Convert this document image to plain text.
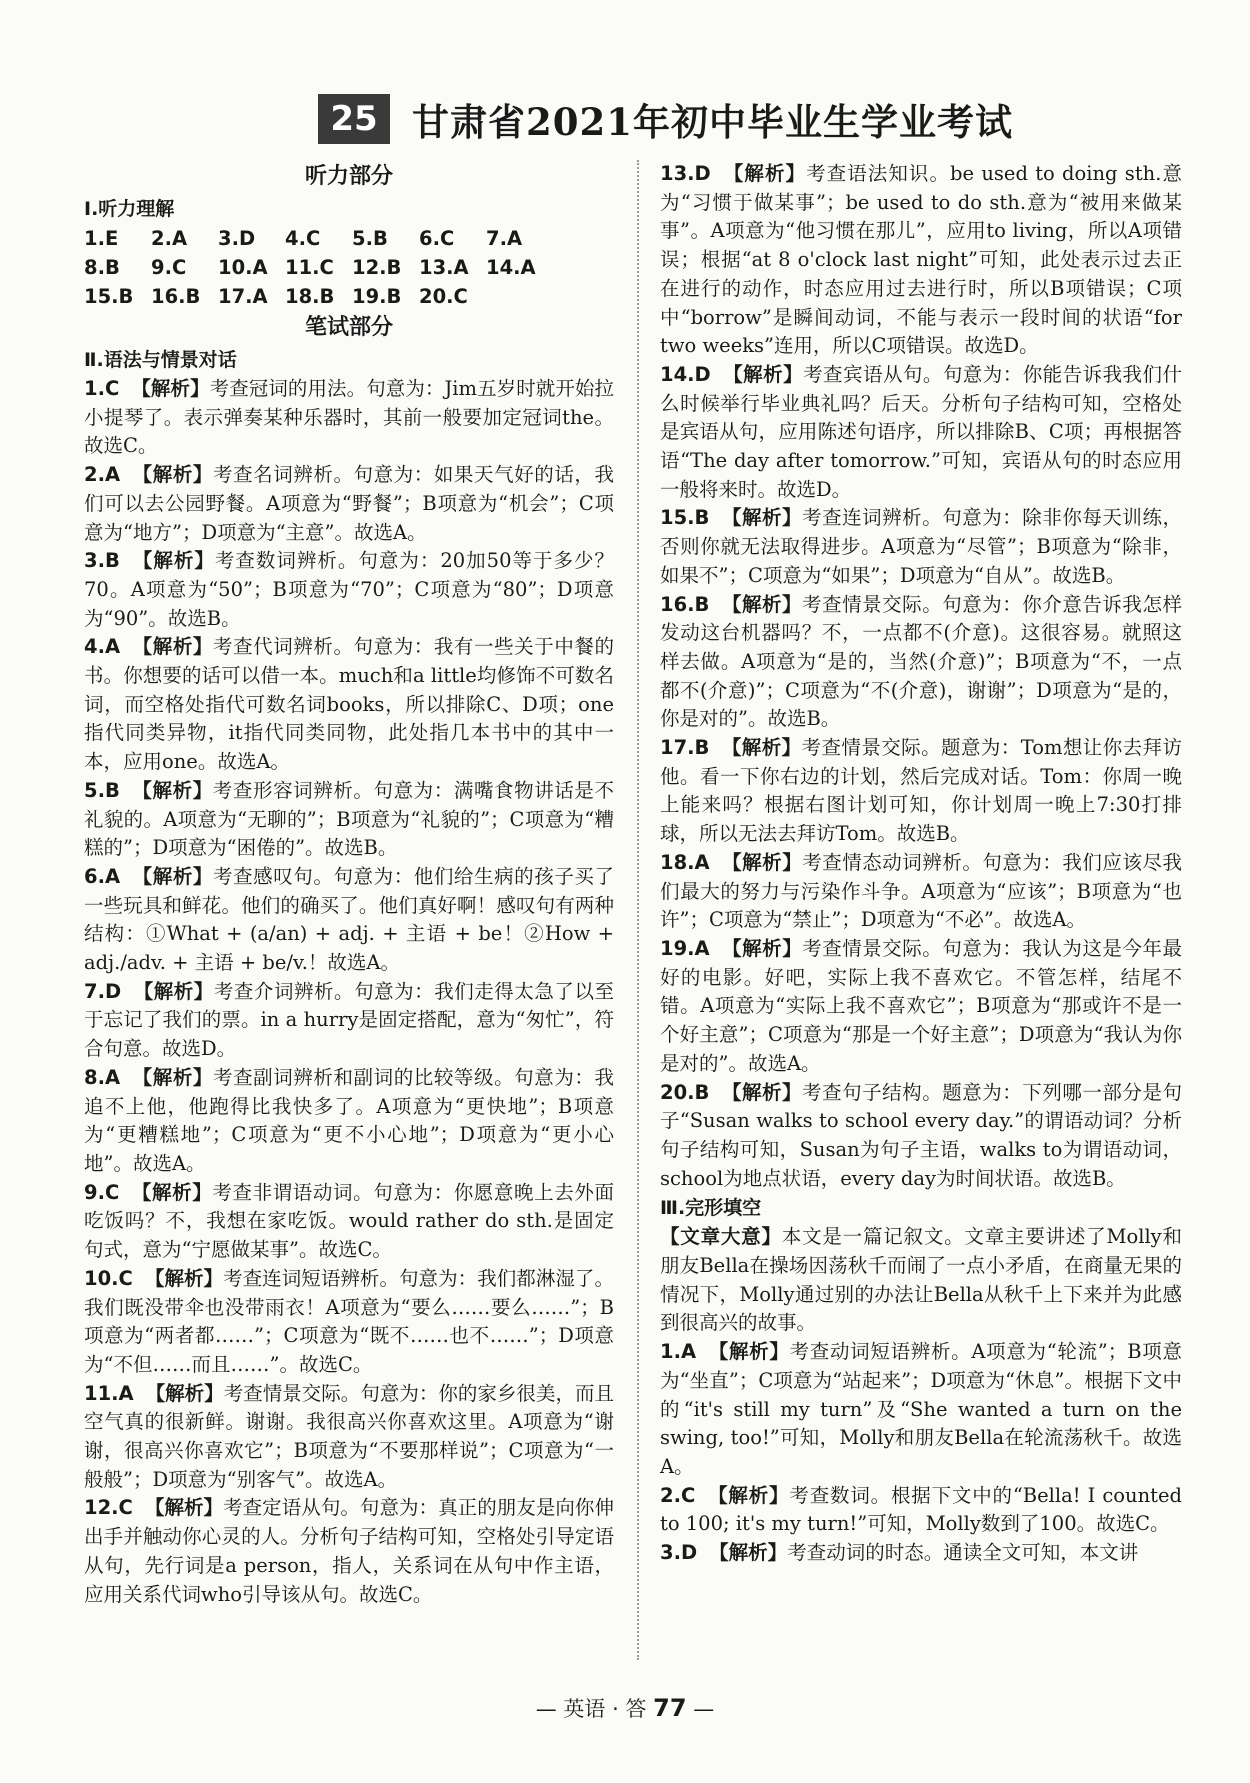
25 甘肃省2021年初中毕业生学业考试
听力部分
Ⅰ.听力理解
1.E	2.A	3.D	4.C	5.B	6.C	7.A
8.B	9.C	10.A 11.C 12.B 13.A 14.A
15.B 16.B 17.A 18.B 19.B 20.C
笔试部分
Ⅱ.语法与情景对话

1.C 【解析】考查冠词的用法。句意为：Jim五岁时就开始拉小提琴了。表示弹奏某种乐器时，其前一般要加定冠词the。故选C。

2.A 【解析】考查名词辨析。句意为：如果天气好的话，我们可以去公园野餐。A项意为“野餐”；B项意为“机会”；C项意为“地方”；D项意为“主意”。故选A。

3.B 【解析】考查数词辨析。句意为：20加50等于多少？70。A项意为“50”；B项意为“70”；C项意为“80”；D项意为“90”。故选B。

4.A 【解析】考查代词辨析。句意为：我有一些关于中餐的书。你想要的话可以借一本。much和a little均修饰不可数名词，而空格处指代可数名词books，所以排除C、D项；one指代同类异物，it指代同类同物，此处指几本书中的其中一本，应用one。故选A。

5.B 【解析】考查形容词辨析。句意为：满嘴食物讲话是不礼貌的。A项意为“无聊的”；B项意为“礼貌的”；C项意为“糟糕的”；D项意为“困倦的”。故选B。

6.A 【解析】考查感叹句。句意为：他们给生病的孩子买了一些玩具和鲜花。他们的确买了。他们真好啊！感叹句有两种结构：①What + (a/an) + adj. + 主语 + be！②How + adj./adv. + 主语 + be/v.！故选A。

7.D 【解析】考查介词辨析。句意为：我们走得太急了以至于忘记了我们的票。in a hurry是固定搭配，意为“匆忙”，符合句意。故选D。

8.A 【解析】考查副词辨析和副词的比较等级。句意为：我追不上他，他跑得比我快多了。A项意为“更快地”；B项意为“更糟糕地”；C项意为“更不小心地”；D项意为“更小心地”。故选A。

9.C 【解析】考查非谓语动词。句意为：你愿意晚上去外面吃饭吗？不，我想在家吃饭。would rather do sth.是固定句式，意为“宁愿做某事”。故选C。

10.C 【解析】考查连词短语辨析。句意为：我们都淋湿了。我们既没带伞也没带雨衣！A项意为“要么……要么……”；B项意为“两者都……”；C项意为“既不……也不……”；D项意为“不但……而且……”。故选C。

11.A 【解析】考查情景交际。句意为：你的家乡很美，而且空气真的很新鲜。谢谢。我很高兴你喜欢这里。A项意为“谢谢，很高兴你喜欢它”；B项意为“不要那样说”；C项意为“一般般”；D项意为“别客气”。故选A。

12.C 【解析】考查定语从句。句意为：真正的朋友是向你伸出手并触动你心灵的人。分析句子结构可知，空格处引导定语从句，先行词是a person，指人，关系词在从句中作主语，应用关系代词who引导该从句。故选C。

13.D 【解析】考查语法知识。be used to doing sth.意为“习惯于做某事”；be used to do sth.意为“被用来做某事”。A项意为“他习惯在那儿”，应用to living，所以A项错误；根据“at 8 o'clock last night”可知，此处表示过去正在进行的动作，时态应用过去进行时，所以B项错误；C项中“borrow”是瞬间动词，不能与表示一段时间的状语“for two weeks”连用，所以C项错误。故选D。

14.D 【解析】考查宾语从句。句意为：你能告诉我我们什么时候举行毕业典礼吗？后天。分析句子结构可知，空格处是宾语从句，应用陈述句语序，所以排除B、C项；再根据答语“The day after tomorrow.”可知，宾语从句的时态应用一般将来时。故选D。

15.B 【解析】考查连词辨析。句意为：除非你每天训练，否则你就无法取得进步。A项意为“尽管”；B项意为“除非，如果不”；C项意为“如果”；D项意为“自从”。故选B。

16.B 【解析】考查情景交际。句意为：你介意告诉我怎样发动这台机器吗？不，一点都不(介意)。这很容易。就照这样去做。A项意为“是的，当然(介意)”；B项意为“不，一点都不(介意)”；C项意为“不(介意)，谢谢”；D项意为“是的，你是对的”。故选B。

17.B 【解析】考查情景交际。题意为：Tom想让你去拜访他。看一下你右边的计划，然后完成对话。Tom：你周一晚上能来吗？根据右图计划可知，你计划周一晚上7:30打排球，所以无法去拜访Tom。故选B。

18.A 【解析】考查情态动词辨析。句意为：我们应该尽我们最大的努力与污染作斗争。A项意为“应该”；B项意为“也许”；C项意为“禁止”；D项意为“不必”。故选A。

19.A 【解析】考查情景交际。句意为：我认为这是今年最好的电影。好吧，实际上我不喜欢它。不管怎样，结尾不错。A项意为“实际上我不喜欢它”；B项意为“那或许不是一个好主意”；C项意为“那是一个好主意”；D项意为“我认为你是对的”。故选A。

20.B 【解析】考查句子结构。题意为：下列哪一部分是句子“Susan walks to school every day.”的谓语动词？分析句子结构可知，Susan为句子主语，walks to为谓语动词，school为地点状语，every day为时间状语。故选B。

Ⅲ.完形填空

【文章大意】本文是一篇记叙文。文章主要讲述了Molly和朋友Bella在操场因荡秋千而闹了一点小矛盾，在商量无果的情况下，Molly通过别的办法让Bella从秋千上下来并为此感到很高兴的故事。

1.A 【解析】考查动词短语辨析。A项意为“轮流”；B项意为“坐直”；C项意为“站起来”；D项意为“休息”。根据下文中的“it's still my turn”及“She wanted a turn on the swing, too!”可知，Molly和朋友Bella在轮流荡秋千。故选A。

2.C 【解析】考查数词。根据下文中的“Bella! I counted to 100; it's my turn!”可知，Molly数到了100。故选C。

3.D 【解析】考查动词的时态。通读全文可知，本文讲

— 英语 · 答 77 —
